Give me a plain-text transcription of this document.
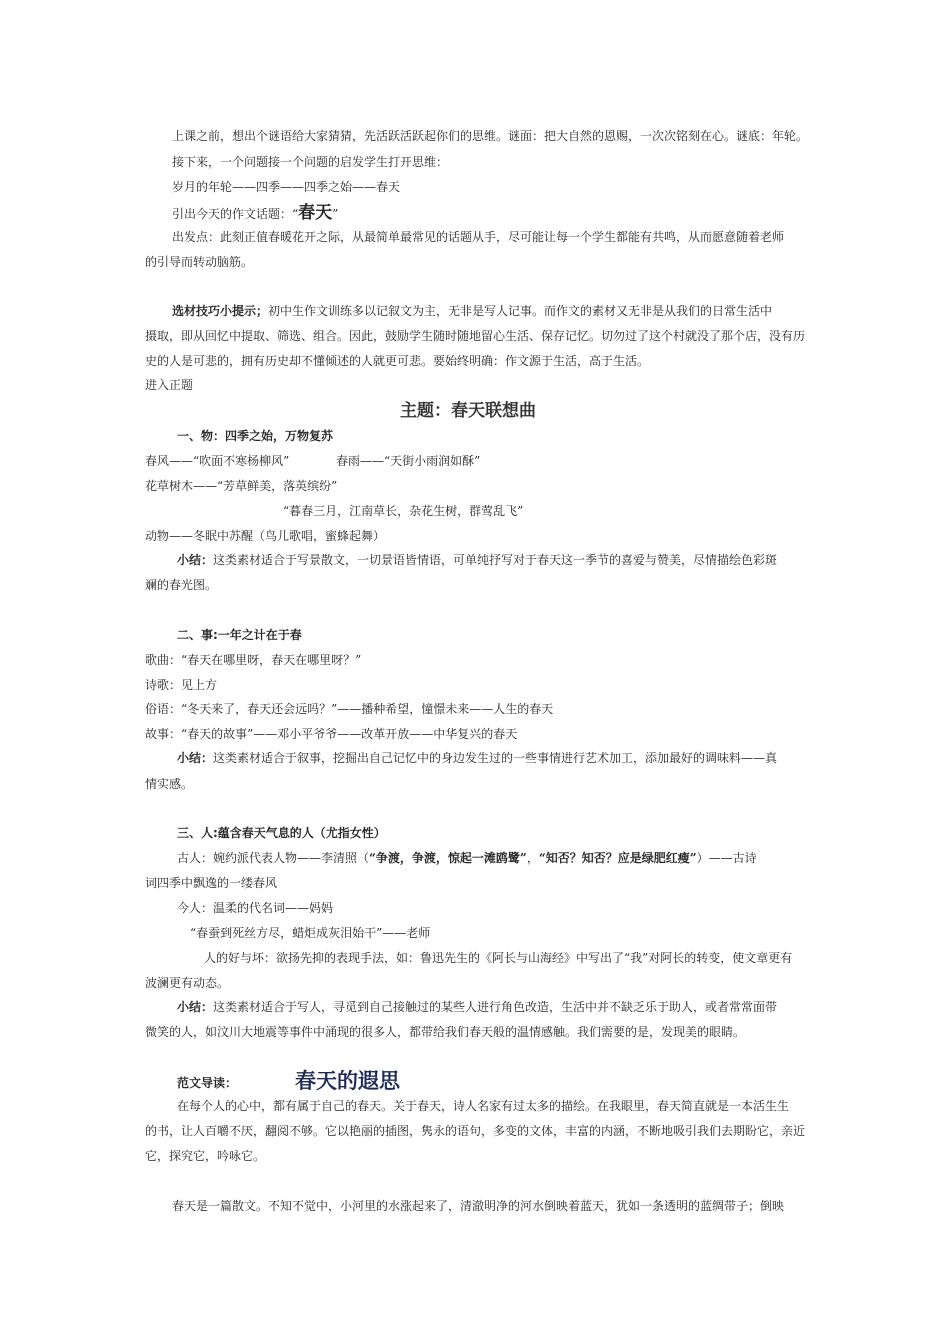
上课之前，想出个谜语给大家猜猜，先活跃活跃起你们的思维。谜面：把大自然的恩赐，一次次铭刻在心。谜底：年轮。
接下来，一个问题接一个问题的启发学生打开思维：
岁月的年轮——四季——四季之始——春天
引出今天的作文话题：“春天”
出发点：此刻正值春暖花开之际，从最简单最常见的话题从手，尽可能让每一个学生都能有共鸣，从而愿意随着老师
的引导而转动脑筋。
选材技巧小提示；初中生作文训练多以记叙文为主，无非是写人记事。而作文的素材又无非是从我们的日常生活中
摄取，即从回忆中提取、筛选、组合。因此，鼓励学生随时随地留心生活、保存记忆。切勿过了这个村就没了那个店，没有历
史的人是可悲的，拥有历史却不懂倾述的人就更可悲。要始终明确：作文源于生活，高于生活。
进入正题
主题：春天联想曲
一、物：四季之始，万物复苏
春风——“吹面不寒杨柳风”	春雨——“天街小雨润如酥”
花草树木——“芳草鲜美，落英缤纷”
“暮春三月，江南草长，杂花生树，群莺乱飞”
动物——冬眠中苏醒（鸟儿歌唱，蜜蜂起舞）
小结：这类素材适合于写景散文，一切景语皆情语，可单纯抒写对于春天这一季节的喜爱与赞美，尽情描绘色彩斑
斓的春光图。
二、事:一年之计在于春
歌曲：“春天在哪里呀，春天在哪里呀？”
诗歌：见上方
俗语：“冬天来了，春天还会远吗？”——播种希望，憧憬未来——人生的春天
故事：“春天的故事”——邓小平爷爷——改革开放——中华复兴的春天
小结：这类素材适合于叙事，挖掘出自己记忆中的身边发生过的一些事情进行艺术加工，添加最好的调味料——真
情实感。
三、人:蕴含春天气息的人（尤指女性）
古人：婉约派代表人物——李清照（“争渡，争渡，惊起一滩鸥鹭”，“知否？知否？应是绿肥红瘦”）——古诗
词四季中飘逸的一缕春风
今人：温柔的代名词——妈妈
“春蚕到死丝方尽，蜡炬成灰泪始干”——老师
人的好与坏：欲扬先抑的表现手法，如：鲁迅先生的《阿长与山海经》中写出了“我”对阿长的转变，使文章更有
波澜更有动态。
小结：这类素材适合于写人，寻觅到自己接触过的某些人进行角色改造，生活中并不缺乏乐于助人，或者常常面带
微笑的人，如汶川大地震等事件中涌现的很多人，都带给我们春天般的温情感触。我们需要的是，发现美的眼睛。
范文导读：	春天的遐思
在每个人的心中，都有属于自己的春天。关于春天，诗人名家有过太多的描绘。在我眼里，春天简直就是一本活生生
的书，让人百嚼不厌，翻阅不够。它以艳丽的插图，隽永的语句，多变的文体，丰富的内涵，不断地吸引我们去期盼它，亲近
它，探究它，吟咏它。
春天是一篇散文。不知不觉中，小河里的水涨起来了，清澈明净的河水倒映着蓝天，犹如一条透明的蓝绸带子；倒映
